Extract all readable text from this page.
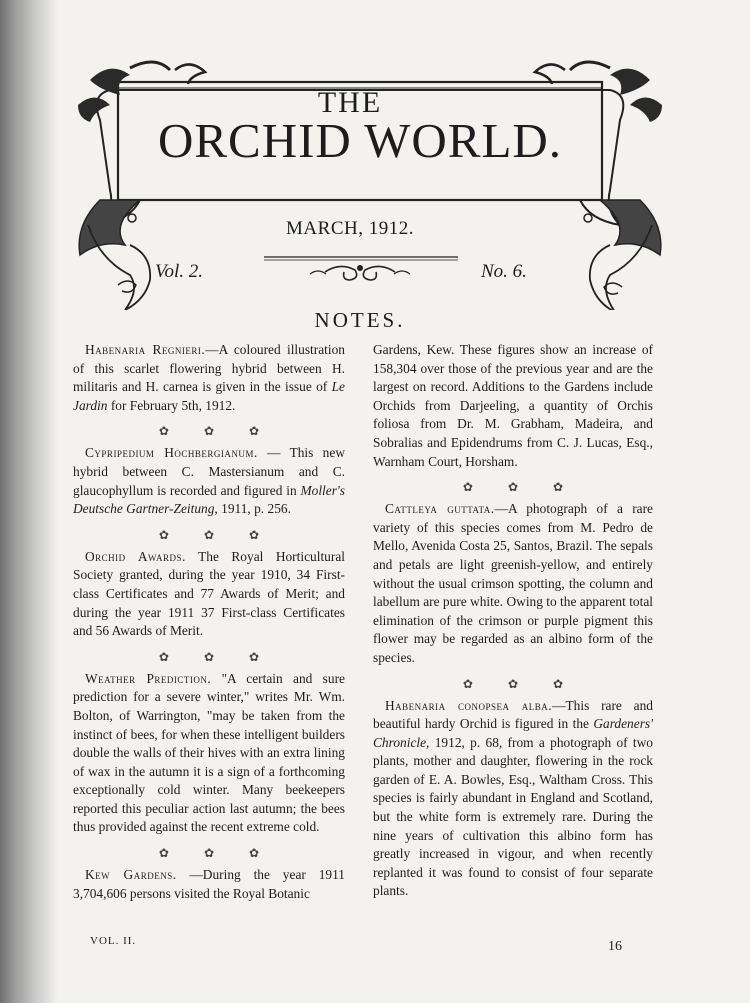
THE
ORCHID WORLD.
MARCH, 1912.
Vol. 2.	No. 6.
NOTES.

Habenaria Regnieri.—A coloured illustration of this scarlet flowering hybrid between H. militaris and H. carnea is given in the issue of Le Jardin for February 5th, 1912.

✿ ✿ ✿

Cypripedium Hochbergianum. — This new hybrid between C. Mastersianum and C. glaucophyllum is recorded and figured in Moller's Deutsche Gartner-Zeitung, 1911, p. 256.

✿ ✿ ✿

Orchid Awards. The Royal Horticultural Society granted, during the year 1910, 34 First-class Certificates and 77 Awards of Merit; and during the year 1911 37 First-class Certificates and 56 Awards of Merit.

✿ ✿ ✿

Weather Prediction. "A certain and sure prediction for a severe winter," writes Mr. Wm. Bolton, of Warrington, "may be taken from the instinct of bees, for when these intelligent builders double the walls of their hives with an extra lining of wax in the autumn it is a sign of a forthcoming exceptionally cold winter. Many beekeepers reported this peculiar action last autumn; the bees thus provided against the recent extreme cold.

✿ ✿ ✿

Kew Gardens. —During the year 1911 3,704,606 persons visited the Royal Botanic

Gardens, Kew. These figures show an increase of 158,304 over those of the previous year and are the largest on record. Additions to the Gardens include Orchids from Darjeeling, a quantity of Orchis foliosa from Dr. M. Grabham, Madeira, and Sobralias and Epidendrums from C. J. Lucas, Esq., Warnham Court, Horsham.

✿ ✿ ✿

Cattleya guttata.—A photograph of a rare variety of this species comes from M. Pedro de Mello, Avenida Costa 25, Santos, Brazil. The sepals and petals are light greenish-yellow, and entirely without the usual crimson spotting, the column and labellum are pure white. Owing to the apparent total elimination of the crimson or purple pigment this flower may be regarded as an albino form of the species.

✿ ✿ ✿

Habenaria conopsea alba.—This rare and beautiful hardy Orchid is figured in the Gardeners' Chronicle, 1912, p. 68, from a photograph of two plants, mother and daughter, flowering in the rock garden of E. A. Bowles, Esq., Waltham Cross. This species is fairly abundant in England and Scotland, but the white form is extremely rare. During the nine years of cultivation this albino form has greatly increased in vigour, and when recently replanted it was found to consist of four separate plants.

VOL. II.	16
